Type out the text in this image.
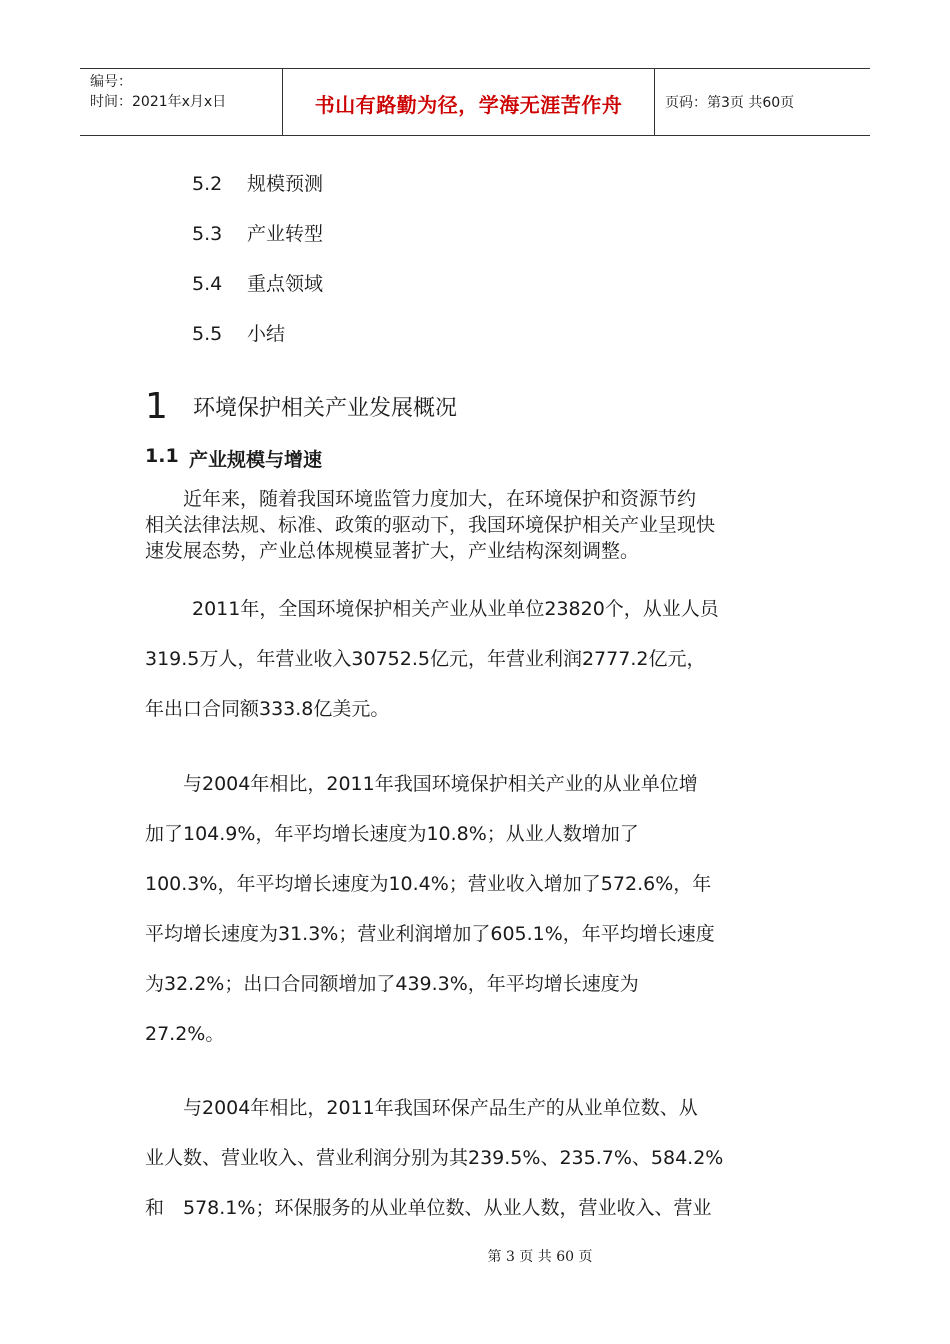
编号：
时间：2021年x月x日	书山有路勤为径，学海无涯苦作舟	页码：第3页 共60页
5.2	规模预测
5.3	产业转型
5.4	重点领域
5.5	小结
1	环境保护相关产业发展概况
1.1 产业规模与增速
　　近年来，随着我国环境监管力度加大，在环境保护和资源节约
相关法律法规、标准、政策的驱动下，我国环境保护相关产业呈现快
速发展态势，产业总体规模显著扩大，产业结构深刻调整。
2011年，全国环境保护相关产业从业单位23820个，从业人员
319.5万人，年营业收入30752.5亿元，年营业利润2777.2亿元，
年出口合同额333.8亿美元。
　　与2004年相比，2011年我国环境保护相关产业的从业单位增
加了104.9%，年平均增长速度为10.8%；从业人数增加了
100.3%，年平均增长速度为10.4%；营业收入增加了572.6%，年
平均增长速度为31.3%；营业利润增加了605.1%，年平均增长速度
为32.2%；出口合同额增加了439.3%，年平均增长速度为
27.2%。
　　与2004年相比，2011年我国环保产品生产的从业单位数、从
业人数、营业收入、营业利润分别为其239.5%、235.7%、584.2%
和　578.1%；环保服务的从业单位数、从业人数，营业收入、营业
第 3 页 共 60 页
